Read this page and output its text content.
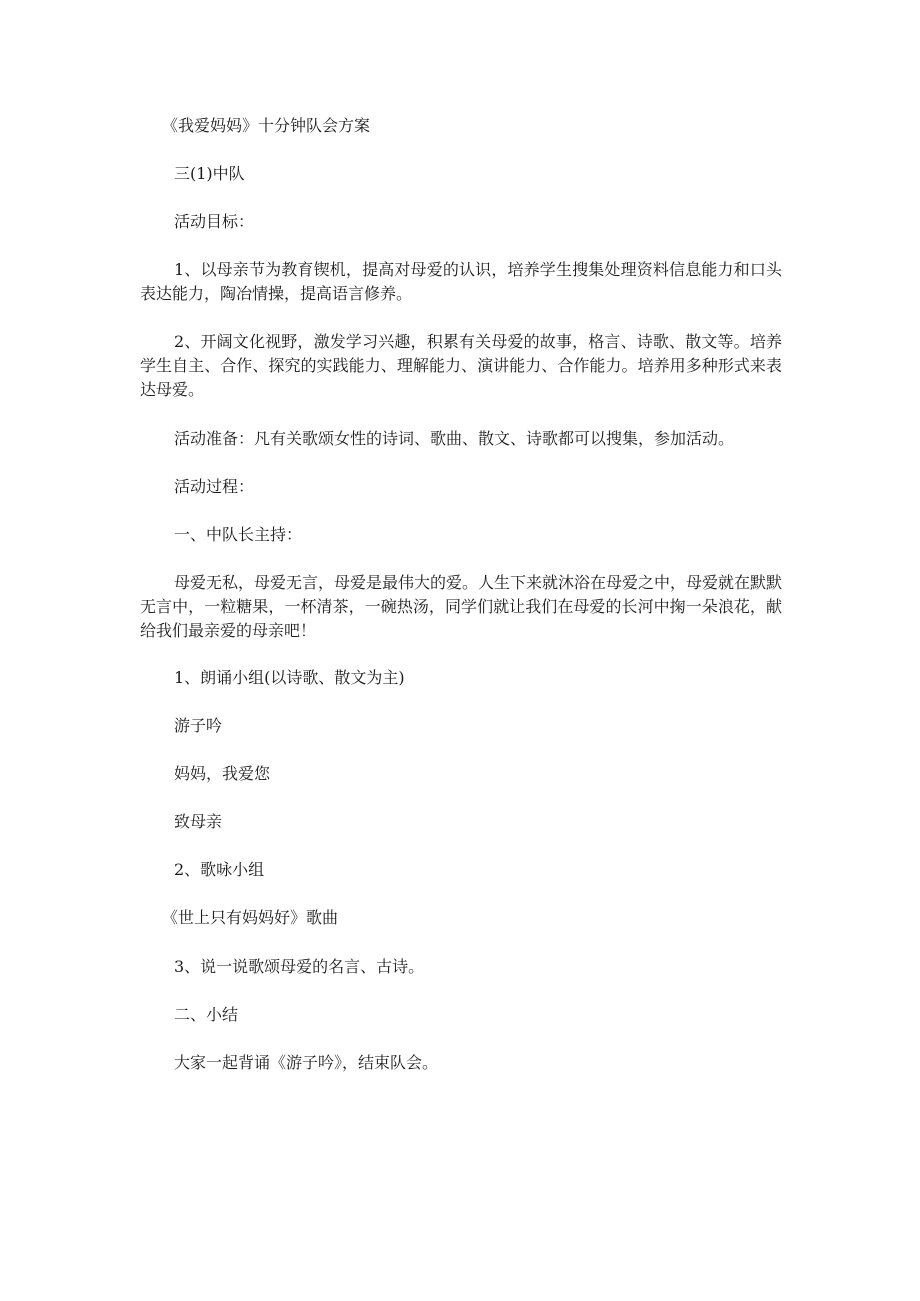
《我爱妈妈》十分钟队会方案
三(1)中队
活动目标：
1、以母亲节为教育锲机，提高对母爱的认识，培养学生搜集处理资料信息能力和口头表达能力，陶冶情操，提高语言修养。
2、开阔文化视野，激发学习兴趣，积累有关母爱的故事，格言、诗歌、散文等。培养学生自主、合作、探究的实践能力、理解能力、演讲能力、合作能力。培养用多种形式来表达母爱。
活动准备：凡有关歌颂女性的诗词、歌曲、散文、诗歌都可以搜集，参加活动。
活动过程：
一、中队长主持：
母爱无私，母爱无言，母爱是最伟大的爱。人生下来就沐浴在母爱之中，母爱就在默默无言中，一粒糖果，一杯清茶，一碗热汤，同学们就让我们在母爱的长河中掬一朵浪花，献给我们最亲爱的母亲吧！
1、朗诵小组(以诗歌、散文为主)
游子吟
妈妈，我爱您
致母亲
2、歌咏小组
《世上只有妈妈好》歌曲
3、说一说歌颂母爱的名言、古诗。
二、小结
大家一起背诵《游子吟》，结束队会。
